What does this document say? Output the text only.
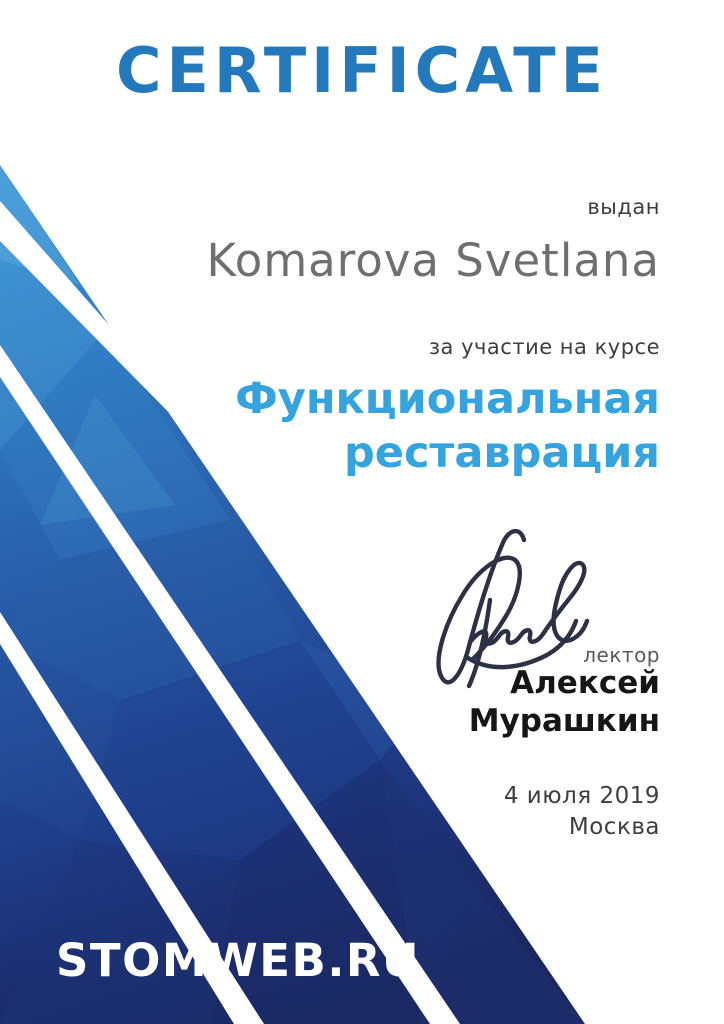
CERTIFICATE
выдан
Komarova Svetlana
за участие на курсе
Функциональная
реставрация
лектор
Алексей
Мурашкин
4 июля 2019
Москва
STOMWEB.RU
